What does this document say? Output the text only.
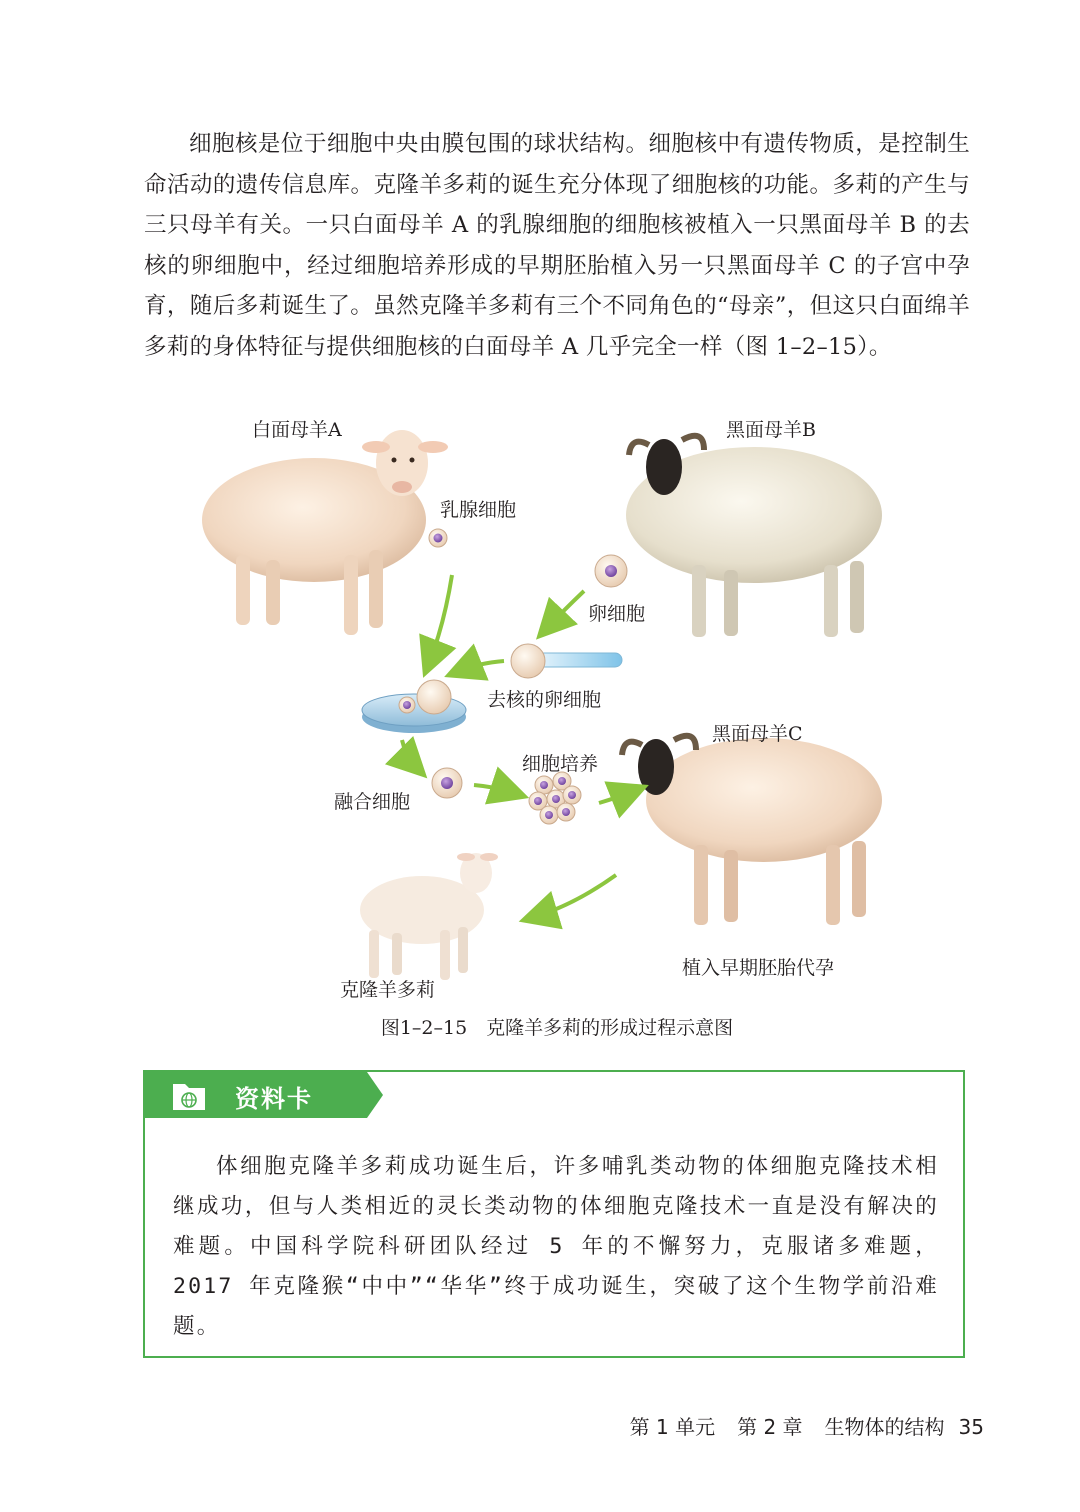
细胞核是位于细胞中央由膜包围的球状结构。细胞核中有遗传物质，是控制生命活动的遗传信息库。克隆羊多莉的诞生充分体现了细胞核的功能。多莉的产生与三只母羊有关。一只白面母羊 A 的乳腺细胞的细胞核被植入一只黑面母羊 B 的去核的卵细胞中，经过细胞培养形成的早期胚胎植入另一只黑面母羊 C 的子宫中孕育，随后多莉诞生了。虽然克隆羊多莉有三个不同角色的“母亲”，但这只白面绵羊多莉的身体特征与提供细胞核的白面母羊 A 几乎完全一样（图 1–2–15）。

白面母羊A	黑面母羊B
乳腺细胞
卵细胞
去核的卵细胞
黑面母羊C
细胞培养
融合细胞
植入早期胚胎代孕
克隆羊多莉
图1–2–15　克隆羊多莉的形成过程示意图
资料卡

体细胞克隆羊多莉成功诞生后，许多哺乳类动物的体细胞克隆技术相继成功，但与人类相近的灵长类动物的体细胞克隆技术一直是没有解决的难题。中国科学院科研团队经过 5 年的不懈努力，克服诸多难题，2017 年克隆猴“中中”“华华”终于成功诞生，突破了这个生物学前沿难题。

第 1 单元 第 2 章 生物体的结构 35
